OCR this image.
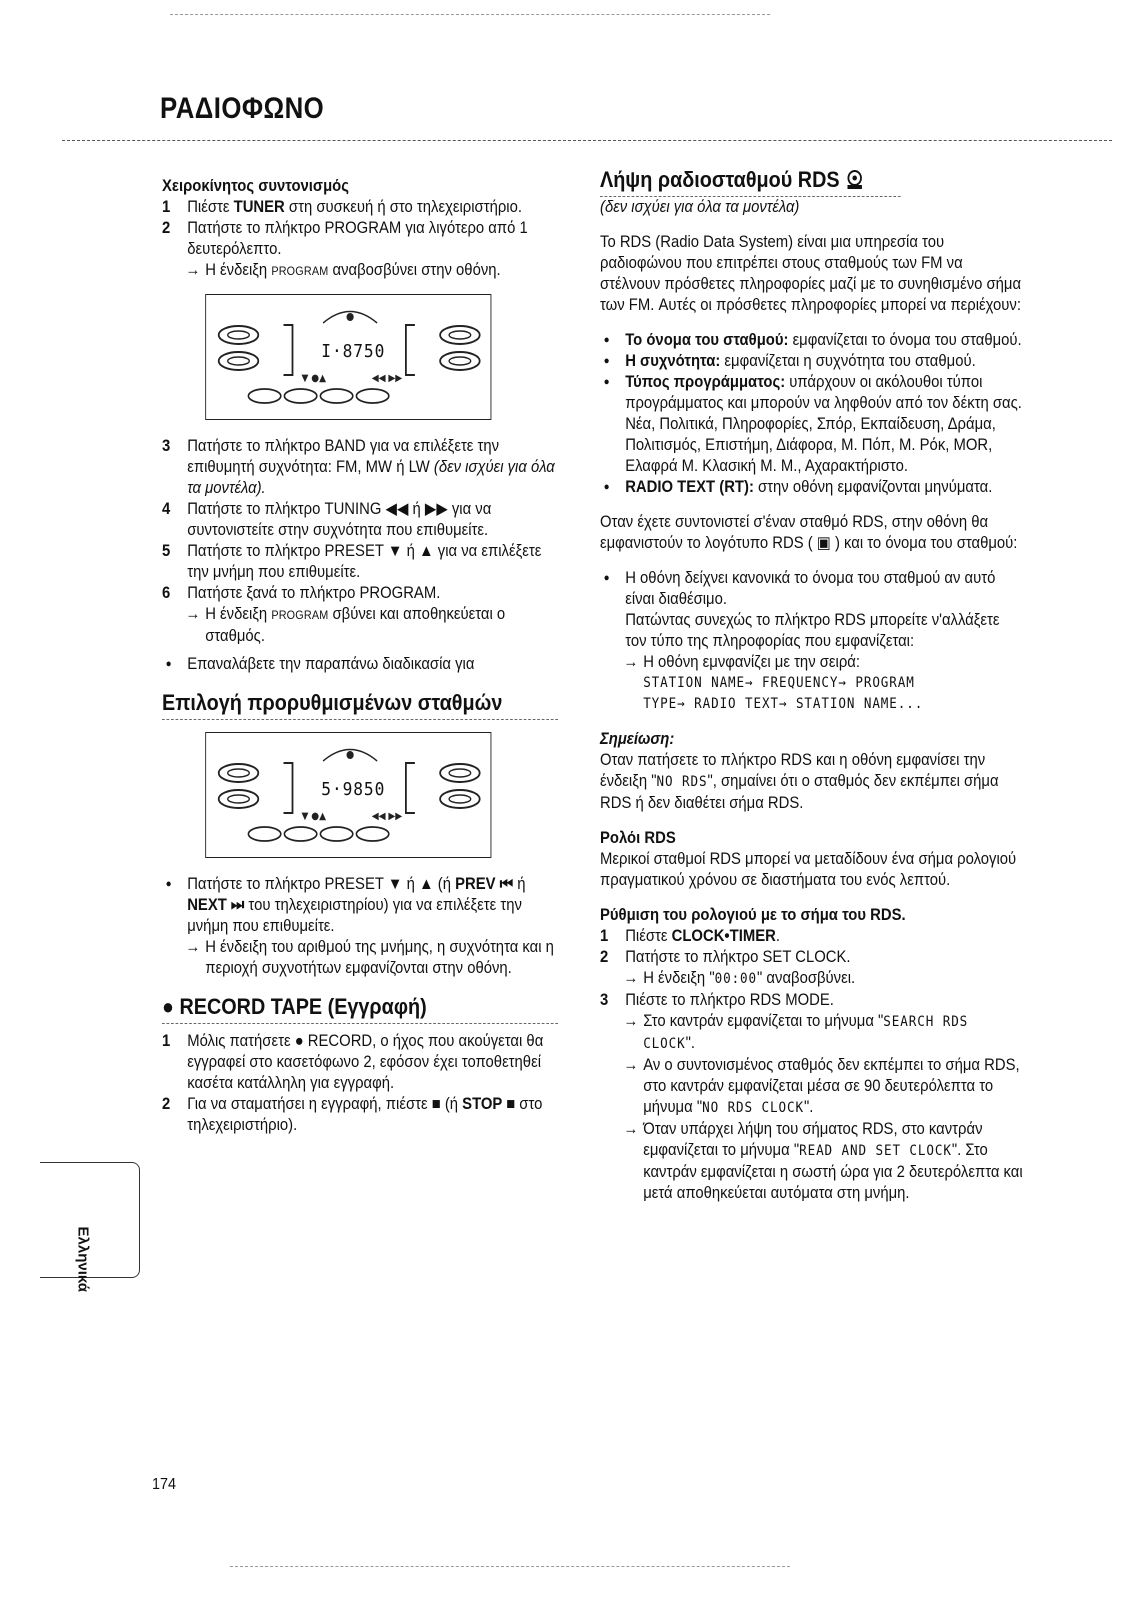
ΡΑΔΙΟΦΩΝΟ
Χειροκίνητος συντονισμός
1 Πιέστε TUNER στη συσκευή ή στο τηλεχειριστήριο.
2 Πατήστε το πλήκτρο PROGRAM για λιγότερο από 1 δευτερόλεπτο.
→ Η ένδειξη PROGRAM αναβοσβύνει στην οθόνη.
▼ ●▲	◀◀ ▶▶
I·8750
3 Πατήστε το πλήκτρο BAND για να επιλέξετε την επιθυμητή συχνότητα: FM, MW ή LW (δεν ισχύει για όλα τα μοντέλα).
4 Πατήστε το πλήκτρο TUNING ◀◀ ή ▶▶ για να συντονιστείτε στην συχνότητα που επιθυμείτε.
5 Πατήστε το πλήκτρο PRESET ▼ ή ▲ για να επιλέξετε την μνήμη που επιθυμείτε.
6 Πατήστε ξανά το πλήκτρο PROGRAM.
→ Η ένδειξη PROGRAM σβύνει και αποθηκεύεται ο σταθμός.
● Επαναλάβετε την παραπάνω διαδικασία για
Επιλογή προρυθμισμένων σταθμών
▼ ●▲	◀◀ ▶▶
5·9850
● Πατήστε το πλήκτρο PRESET ▼ ή ▲ (ή PREV ⏮ ή NEXT ⏭ του τηλεχειριστηρίου) για να επιλέξετε την μνήμη που επιθυμείτε.
→ Η ένδειξη του αριθμού της μνήμης, η συχνότητα και η περιοχή συχνοτήτων εμφανίζονται στην οθόνη.
● RECORD TAPE (Εγγραφή)
1 Μόλις πατήσετε ● RECORD, ο ήχος που ακούγεται θα εγγραφεί στο κασετόφωνο 2, εφόσον έχει τοποθετηθεί κασέτα κατάλληλη για εγγραφή.
2 Για να σταματήσει η εγγραφή, πιέστε ■ (ή STOP ■ στο τηλεχειριστήριο).
Λήψη ραδιοσταθμού RDS
(δεν ισχύει για όλα τα μοντέλα)
Το RDS (Radio Data System) είναι μια υπηρεσία του ραδιοφώνου που επιτρέπει στους σταθμούς των FM να στέλνουν πρόσθετες πληροφορίες μαζί με το συνηθισμένο σήμα των FM. Αυτές οι πρόσθετες πληροφορίες μπορεί να περιέχουν:
● Το όνομα του σταθμού: εμφανίζεται το όνομα του σταθμού.
● Η συχνότητα: εμφανίζεται η συχνότητα του σταθμού.
● Τύπος προγράμματος: υπάρχουν οι ακόλουθοι τύποι προγράμματος και μπορούν να ληφθούν από τον δέκτη σας. Νέα, Πολιτικά, Πληροφορίες, Σπόρ, Εκπαίδευση, Δράμα, Πολιτισμός, Επιστήμη, Διάφορα, Μ. Πόπ, Μ. Ρόκ, MOR, Ελαφρά Μ. Κλασική Μ. Μ., Αχαρακτήριστο.
● RADIO TEXT (RT): στην οθόνη εμφανίζονται μηνύματα.
Οταν έχετε συντονιστεί σ'έναν σταθμό RDS, στην οθόνη θα εμφανιστούν το λογότυπο RDS ( ▣ ) και το όνομα του σταθμού:
● Η οθόνη δείχνει κανονικά το όνομα του σταθμού αν αυτό είναι διαθέσιμο.
Πατώντας συνεχώς το πλήκτρο RDS μπορείτε ν'αλλάξετε τον τύπο της πληροφορίας που εμφανίζεται:
→ Η οθόνη εμνφανίζει με την σειρά:
STATION NAME→ FREQUENCY→ PROGRAM
TYPE→ RADIO TEXT→ STATION NAME...
Σημείωση:
Οταν πατήσετε το πλήκτρο RDS και η οθόνη εμφανίσει την ένδειξη "NO RDS", σημαίνει ότι ο σταθμός δεν εκπέμπει σήμα RDS ή δεν διαθέτει σήμα RDS.
Ρολόι RDS
Μερικοί σταθμοί RDS μπορεί να μεταδίδουν ένα σήμα ρολογιού πραγματικού χρόνου σε διαστήματα του ενός λεπτού.
Ρύθμιση του ρολογιού με το σήμα του RDS.
1 Πιέστε CLOCK•TIMER.
2 Πατήστε το πλήκτρο SET CLOCK.
→ Η ένδειξη "00:00" αναβοσβύνει.
3 Πιέστε το πλήκτρο RDS MODE.
→ Στο καντράν εμφανίζεται το μήνυμα "SEARCH RDS CLOCK".
→ Αν ο συντονισμένος σταθμός δεν εκπέμπει το σήμα RDS, στο καντράν εμφανίζεται μέσα σε 90 δευτερόλεπτα το μήνυμα "NO RDS CLOCK".
→ Όταν υπάρχει λήψη του σήματος RDS, στο καντράν εμφανίζεται το μήνυμα "READ AND SET CLOCK". Στο καντράν εμφανίζεται η σωστή ώρα για 2 δευτερόλεπτα και μετά αποθηκεύεται αυτόματα στη μνήμη.
Ελληνικά
174
